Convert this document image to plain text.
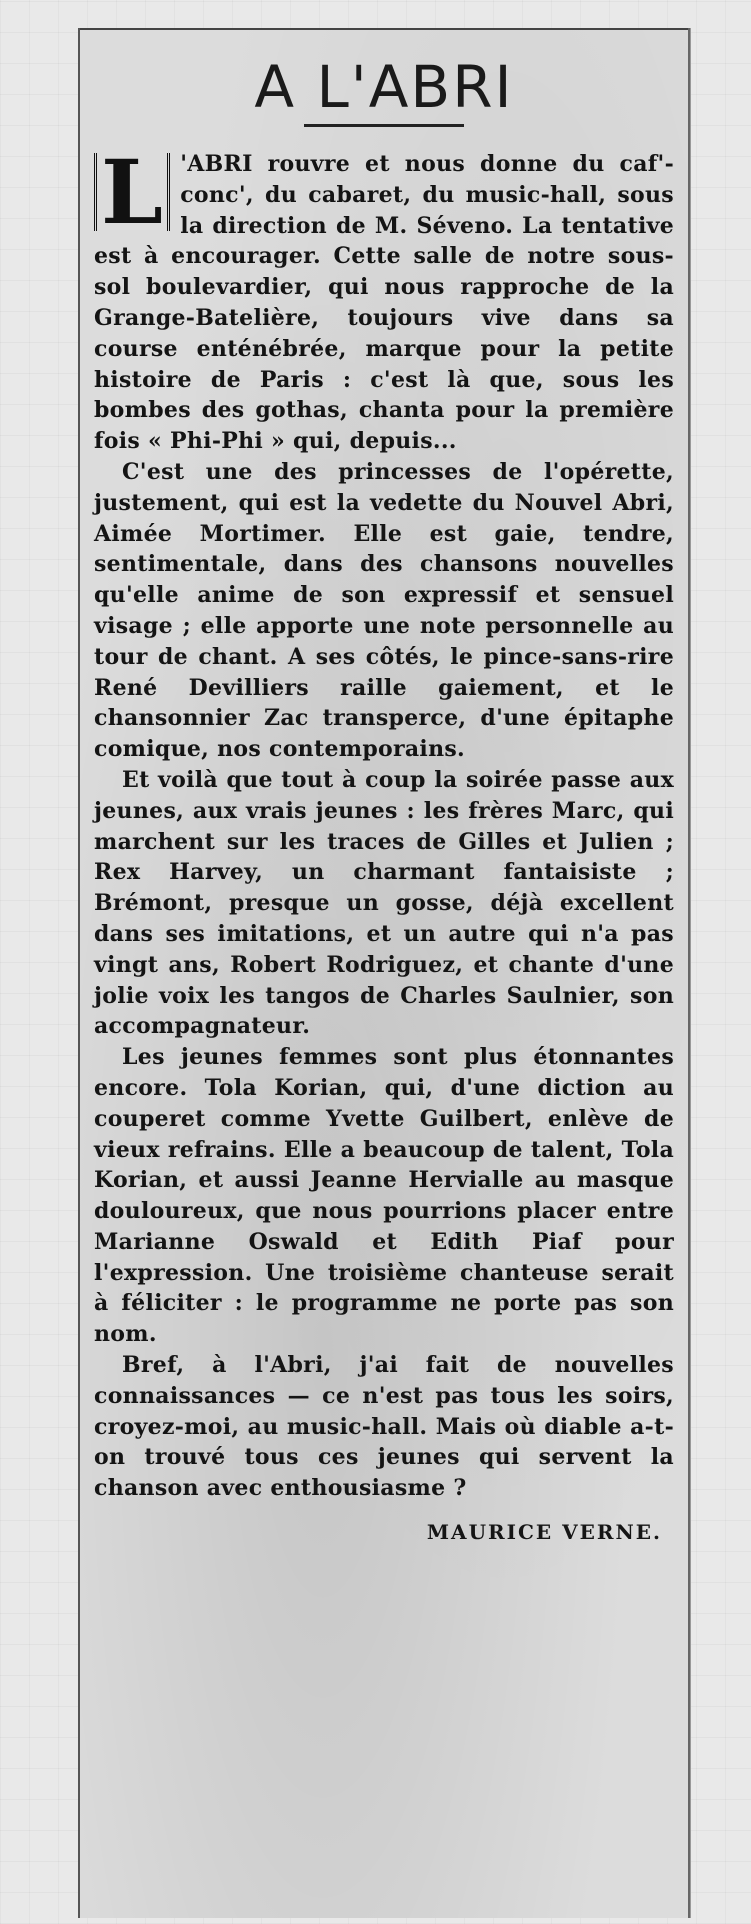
A L'ABRI

L 'ABRI rouvre et nous donne du caf'-conc', du cabaret, du music-hall, sous la direction de M. Séveno. La tentative est à encourager. Cette salle de notre sous-sol boulevardier, qui nous rapproche de la Grange-Batelière, toujours vive dans sa course enténébrée, marque pour la petite histoire de Paris : c'est là que, sous les bombes des gothas, chanta pour la première fois « Phi-Phi » qui, depuis...

C'est une des princesses de l'opérette, justement, qui est la vedette du Nouvel Abri, Aimée Mortimer. Elle est gaie, tendre, sentimentale, dans des chansons nouvelles qu'elle anime de son expressif et sensuel visage ; elle apporte une note personnelle au tour de chant. A ses côtés, le pince-sans-rire René Devilliers raille gaiement, et le chansonnier Zac transperce, d'une épitaphe comique, nos contemporains.

Et voilà que tout à coup la soirée passe aux jeunes, aux vrais jeunes : les frères Marc, qui marchent sur les traces de Gilles et Julien ; Rex Harvey, un charmant fantaisiste ; Brémont, presque un gosse, déjà excellent dans ses imitations, et un autre qui n'a pas vingt ans, Robert Rodriguez, et chante d'une jolie voix les tangos de Charles Saulnier, son accompagnateur.

Les jeunes femmes sont plus étonnantes encore. Tola Korian, qui, d'une diction au couperet comme Yvette Guilbert, enlève de vieux refrains. Elle a beaucoup de talent, Tola Korian, et aussi Jeanne Hervialle au masque douloureux, que nous pourrions placer entre Marianne Oswald et Edith Piaf pour l'expression. Une troisième chanteuse serait à féliciter : le programme ne porte pas son nom.

Bref, à l'Abri, j'ai fait de nouvelles connaissances — ce n'est pas tous les soirs, croyez-moi, au music-hall. Mais où diable a-t-on trouvé tous ces jeunes qui servent la chanson avec enthousiasme ?

MAURICE VERNE.
